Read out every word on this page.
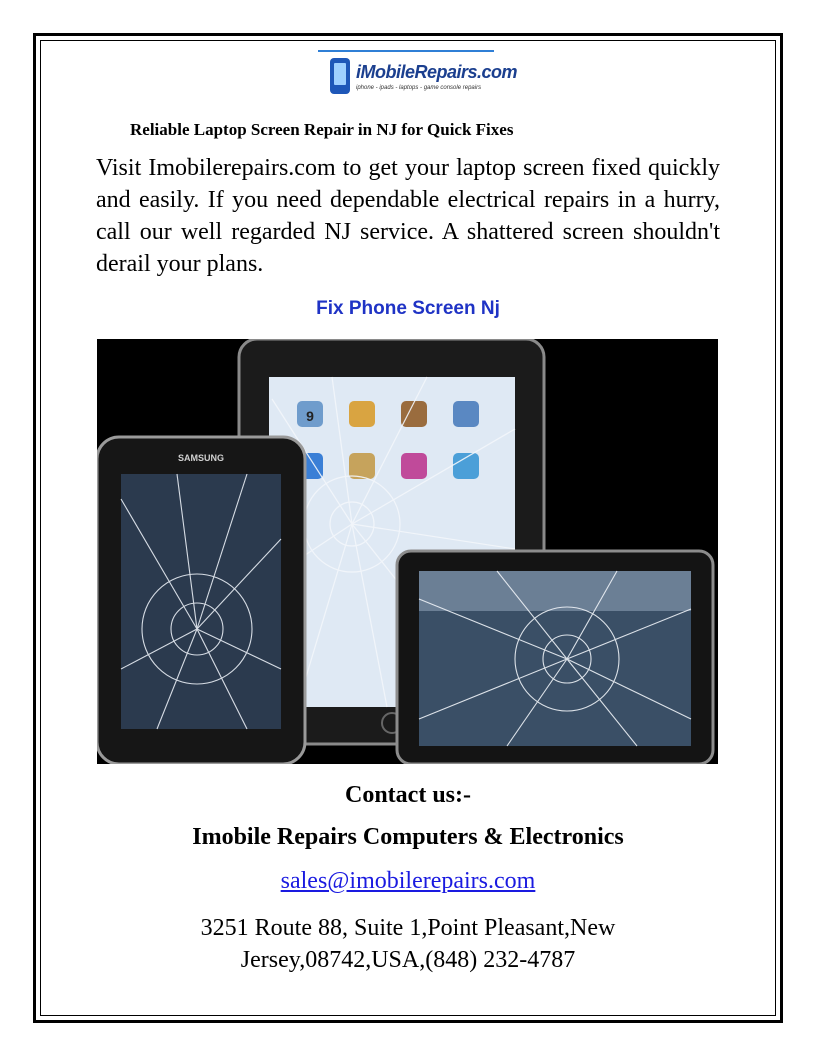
iMobileRepairs.com
iphone - ipads - laptops - game console repairs
Reliable Laptop Screen Repair in NJ for Quick Fixes
Visit Imobilerepairs.com to get your laptop screen fixed quickly and easily. If you need dependable electrical repairs in a hurry, call our well regarded NJ service. A shattered screen shouldn't derail your plans.
Fix Phone Screen Nj
9
SAMSUNG
Contact us:-
Imobile Repairs Computers & Electronics
sales@imobilerepairs.com
3251 Route 88, Suite 1,Point Pleasant,New
Jersey,08742,USA,(848) 232-4787
